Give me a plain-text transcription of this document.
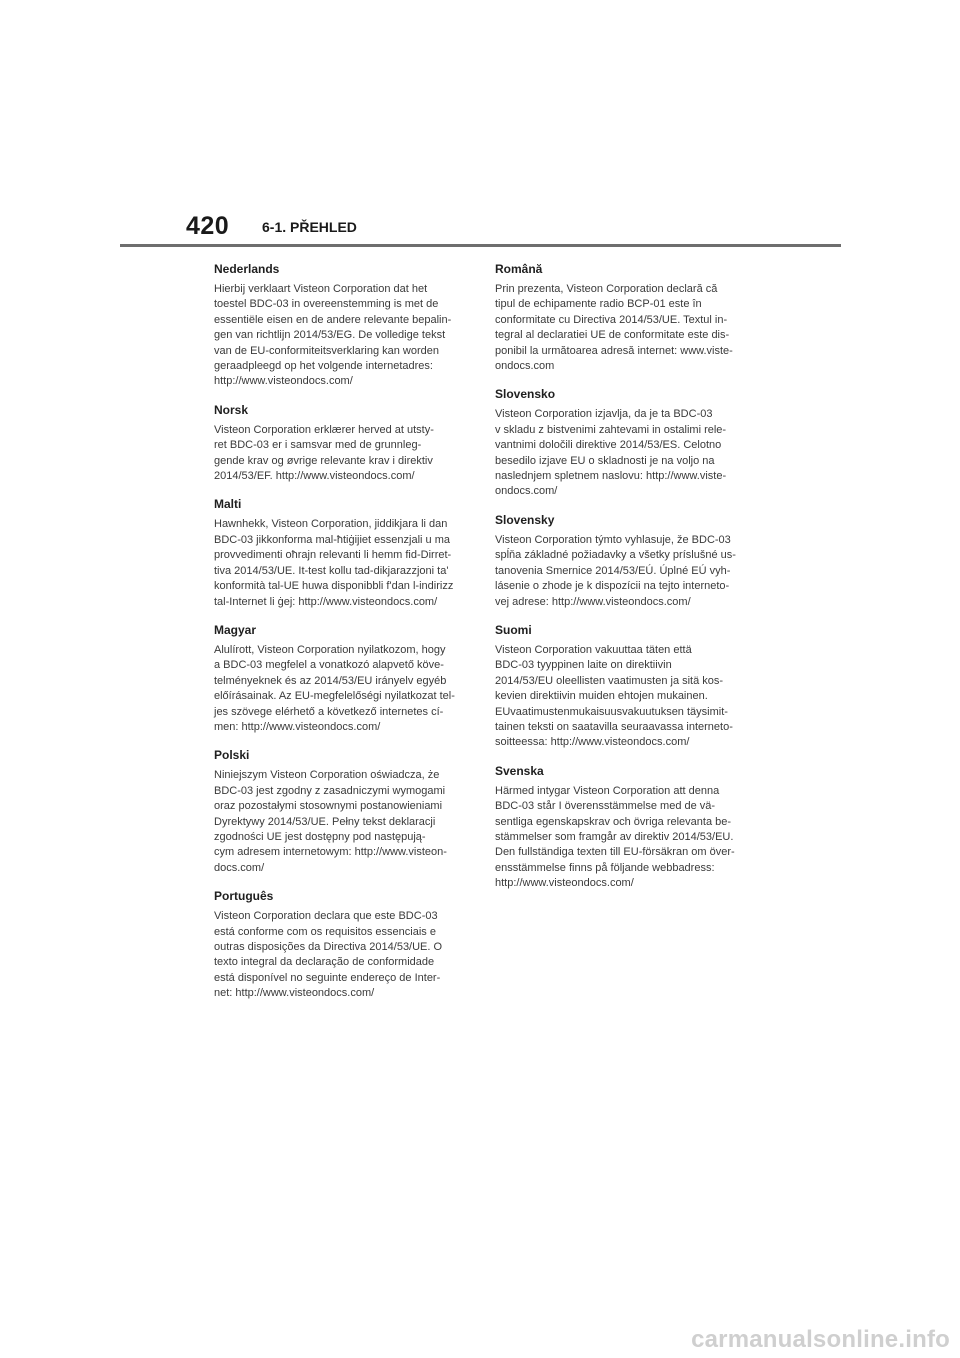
420 6-1. PŘEHLED
Nederlands

Hierbij verklaart Visteon Corporation dat het
toestel BDC-03 in overeenstemming is met de
essentiële eisen en de andere relevante bepalin-
gen van richtlijn 2014/53/EG. De volledige tekst
van de EU-conformiteitsverklaring kan worden
geraadpleegd op het volgende internetadres:
http://www.visteondocs.com/

Norsk

Visteon Corporation erklærer herved at utsty-
ret BDC-03 er i samsvar med de grunnleg-
gende krav og øvrige relevante krav i direktiv
2014/53/EF. http://www.visteondocs.com/

Malti

Hawnhekk, Visteon Corporation, jiddikjara li dan
BDC-03 jikkonforma mal-ħtiġijiet essenzjali u ma
provvedimenti oħrajn relevanti li hemm fid-Dirret-
tiva 2014/53/UE. It-test kollu tad-dikjarazzjoni ta'
konformità tal-UE huwa disponibbli f'dan l-indirizz
tal-Internet li ġej: http://www.visteondocs.com/

Magyar

Alulírott, Visteon Corporation nyilatkozom, hogy
a BDC-03 megfelel a vonatkozó alapvető köve-
telményeknek és az 2014/53/EU irányelv egyéb
előírásainak. Az EU-megfelelőségi nyilatkozat tel-
jes szövege elérhető a következő internetes cí-
men: http://www.visteondocs.com/

Polski

Niniejszym Visteon Corporation oświadcza, że
BDC-03 jest zgodny z zasadniczymi wymogami
oraz pozostałymi stosownymi postanowieniami
Dyrektywy 2014/53/UE. Pełny tekst deklaracji
zgodności UE jest dostępny pod następują-
cym adresem internetowym: http://www.visteon-
docs.com/

Português

Visteon Corporation declara que este BDC-03
está conforme com os requisitos essenciais e
outras disposições da Directiva 2014/53/UE. O
texto integral da declaração de conformidade
está disponível no seguinte endereço de Inter-
net: http://www.visteondocs.com/

Română

Prin prezenta, Visteon Corporation declară că
tipul de echipamente radio BCP-01 este în
conformitate cu Directiva 2014/53/UE. Textul in-
tegral al declaratiei UE de conformitate este dis-
ponibil la următoarea adresă internet: www.viste-
ondocs.com

Slovensko

Visteon Corporation izjavlja, da je ta BDC-03
v skladu z bistvenimi zahtevami in ostalimi rele-
vantnimi določili direktive 2014/53/ES. Celotno
besedilo izjave EU o skladnosti je na voljo na
naslednjem spletnem naslovu: http://www.viste-
ondocs.com/

Slovensky

Visteon Corporation týmto vyhlasuje, že BDC-03
spĺňa základné požiadavky a všetky príslušné us-
tanovenia Smernice 2014/53/EÚ. Úplné EÚ vyh-
lásenie o zhode je k dispozícii na tejto interneto-
vej adrese: http://www.visteondocs.com/

Suomi

Visteon Corporation vakuuttaa täten että
BDC-03 tyyppinen laite on direktiivin
2014/53/EU oleellisten vaatimusten ja sitä kos-
kevien direktiivin muiden ehtojen mukainen.
EUvaatimustenmukaisuusvakuutuksen täysimit-
tainen teksti on saatavilla seuraavassa interneto-
soitteessa: http://www.visteondocs.com/

Svenska

Härmed intygar Visteon Corporation att denna
BDC-03 står I överensstämmelse med de vä-
sentliga egenskapskrav och övriga relevanta be-
stämmelser som framgår av direktiv 2014/53/EU.
Den fullständiga texten till EU-försäkran om över-
ensstämmelse finns på följande webbadress:
http://www.visteondocs.com/

carmanualsonline.info
